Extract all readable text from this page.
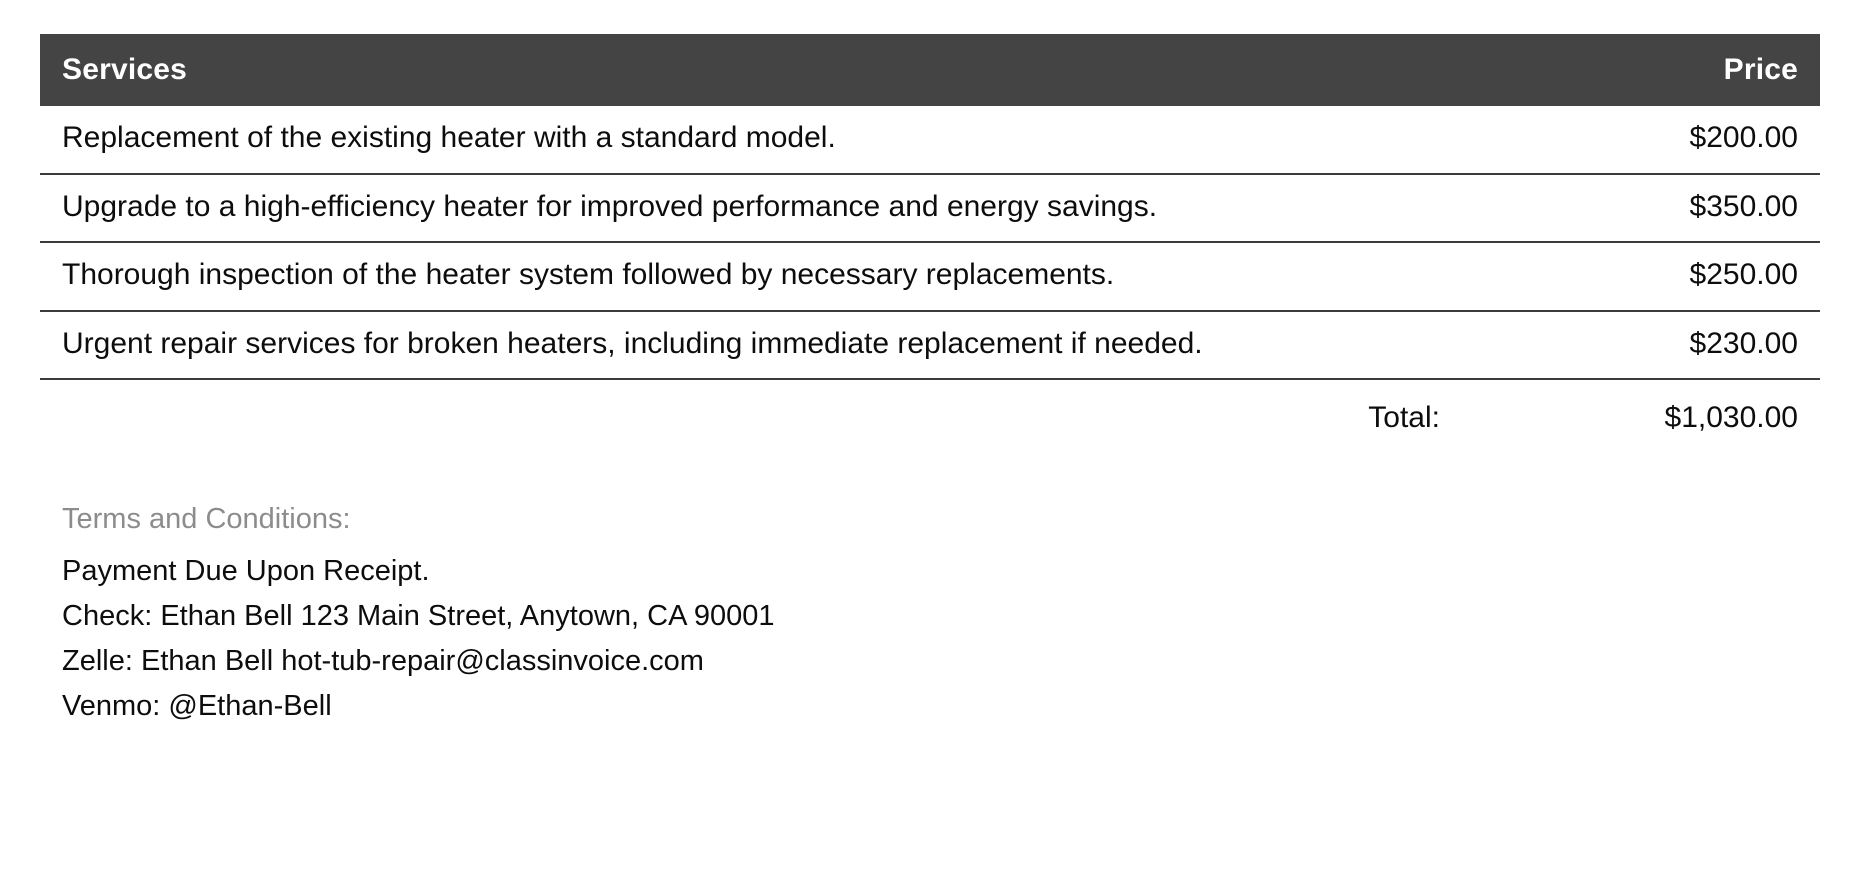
Services	Price
Replacement of the existing heater with a standard model.	$200.00
Upgrade to a high-efficiency heater for improved performance and energy savings.	$350.00
Thorough inspection of the heater system followed by necessary replacements.	$250.00
Urgent repair services for broken heaters, including immediate replacement if needed.	$230.00
Total:	$1,030.00
Terms and Conditions:
Payment Due Upon Receipt.
Check: Ethan Bell 123 Main Street, Anytown, CA 90001
Zelle: Ethan Bell hot-tub-repair@classinvoice.com
Venmo: @Ethan-Bell
